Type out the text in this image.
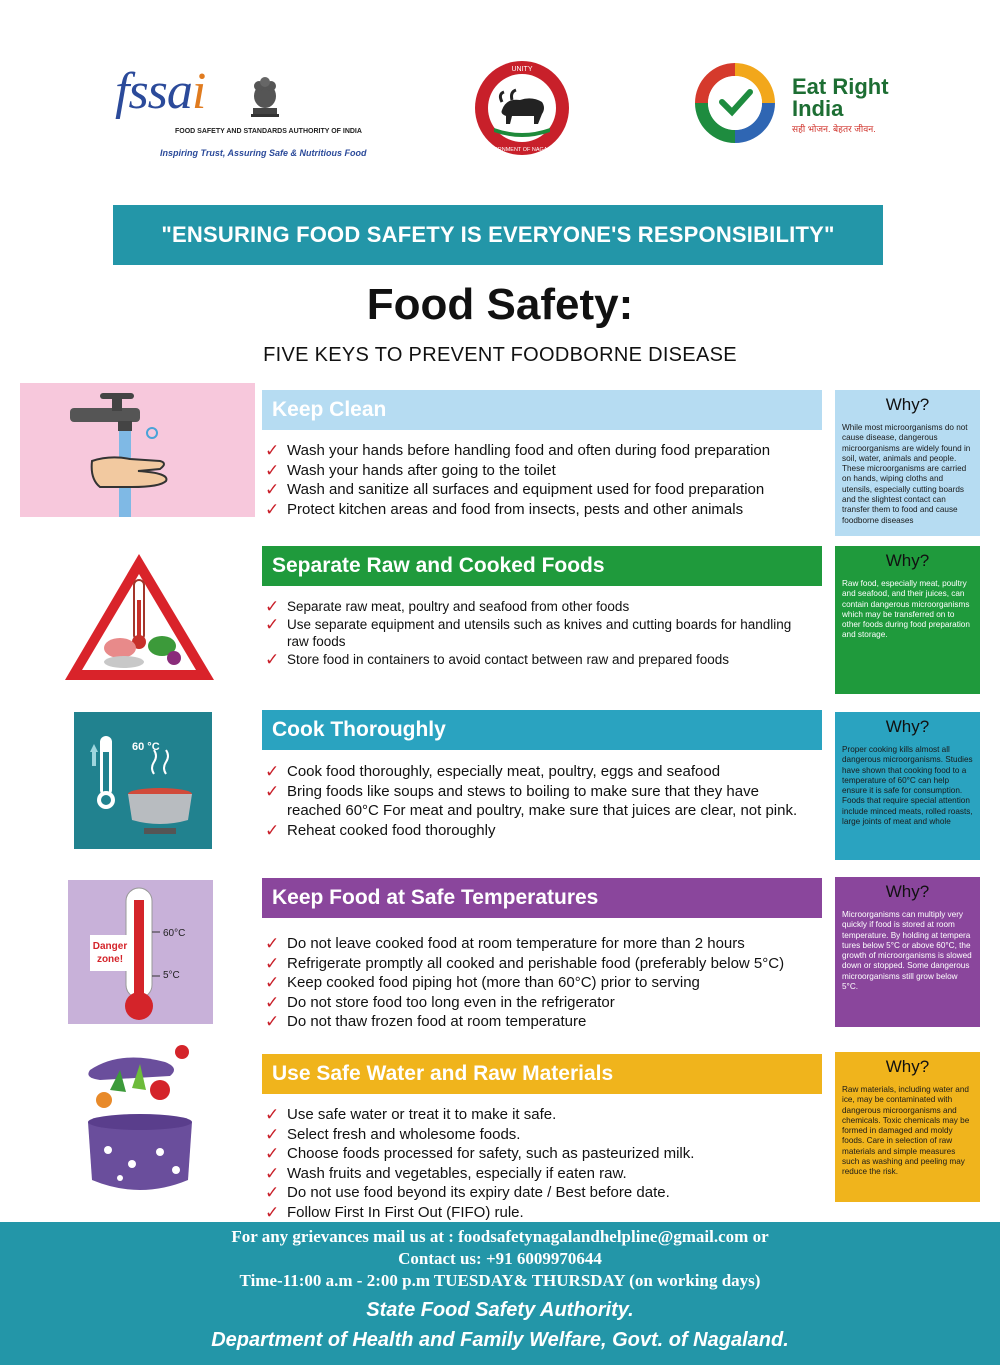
fssai
FOOD SAFETY AND STANDARDS AUTHORITY OF INDIA
Inspiring Trust, Assuring Safe & Nutritious Food
UNITY
GOVERNMENT OF NAGALAND
Eat Right
India
सही भोजन. बेहतर जीवन.
"ENSURING FOOD SAFETY IS EVERYONE'S RESPONSIBILITY"
Food Safety:
FIVE KEYS TO PREVENT FOODBORNE DISEASE
Keep Clean
✓ Wash your hands before handling food and often during food preparation
✓ Wash your hands after going to the toilet
✓ Wash and sanitize all surfaces and equipment used for food preparation
✓ Protect kitchen areas and food from insects, pests and other animals
Why?
While most microorganisms do not cause disease, dangerous microorganisms are widely found in soil, water, animals and people. These microorganisms are carried on hands, wiping cloths and utensils, especially cutting boards and the slightest contact can transfer them to food and cause foodborne diseases
Separate Raw and Cooked Foods
✓ Separate raw meat, poultry and seafood from other foods
✓ Use separate equipment and utensils such as knives and cutting boards for handling raw foods
✓ Store food in containers to avoid contact between raw and prepared foods
Why?
Raw food, especially meat, poultry and seafood, and their juices, can contain dangerous microorganisms which may be transferred on to other foods during food preparation and storage.
60 °C
Cook Thoroughly
✓ Cook food thoroughly, especially meat, poultry, eggs and seafood
✓ Bring foods like soups and stews to boiling to make sure that they have reached 60°C For meat and poultry, make sure that juices are clear, not pink.
✓ Reheat cooked food thoroughly
Why?
Proper cooking kills almost all dangerous microorganisms. Studies have shown that cooking food to a temperature of 60°C can help ensure it is safe for consumption. Foods that require special attention include minced meats, rolled roasts, large joints of meat and whole
60°C
5°C
Danger
zone!
Keep Food at Safe Temperatures
✓ Do not leave cooked food at room temperature for more than 2 hours
✓ Refrigerate promptly all cooked and perishable food (preferably below 5°C)
✓ Keep cooked food piping hot (more than 60°C) prior to serving
✓ Do not store food too long even in the refrigerator
✓ Do not thaw frozen food at room temperature
Why?
Microorganisms can multiply very quickly if food is stored at room temperature. By holding at tempera tures below 5°C or above 60°C, the growth of microorganisms is slowed down or stopped. Some dangerous microorganisms still grow below 5°C.
Use Safe Water and Raw Materials
✓ Use safe water or treat it to make it safe.
✓ Select fresh and wholesome foods.
✓ Choose foods processed for safety, such as pasteurized milk.
✓ Wash fruits and vegetables, especially if eaten raw.
✓ Do not use food beyond its expiry date / Best before date.
✓ Follow First In First Out (FIFO) rule.
Why?
Raw materials, including water and ice, may be contaminated with dangerous microorganisms and chemicals. Toxic chemicals may be formed in damaged and moldy foods. Care in selection of raw materials and simple measures such as washing and peeling may reduce the risk.
For any grievances mail us at : foodsafetynagalandhelpline@gmail.com or
Contact us: +91 6009970644
Time-11:00 a.m - 2:00 p.m TUESDAY& THURSDAY (on working days)
State Food Safety Authority.
Department of Health and Family Welfare, Govt. of Nagaland.
